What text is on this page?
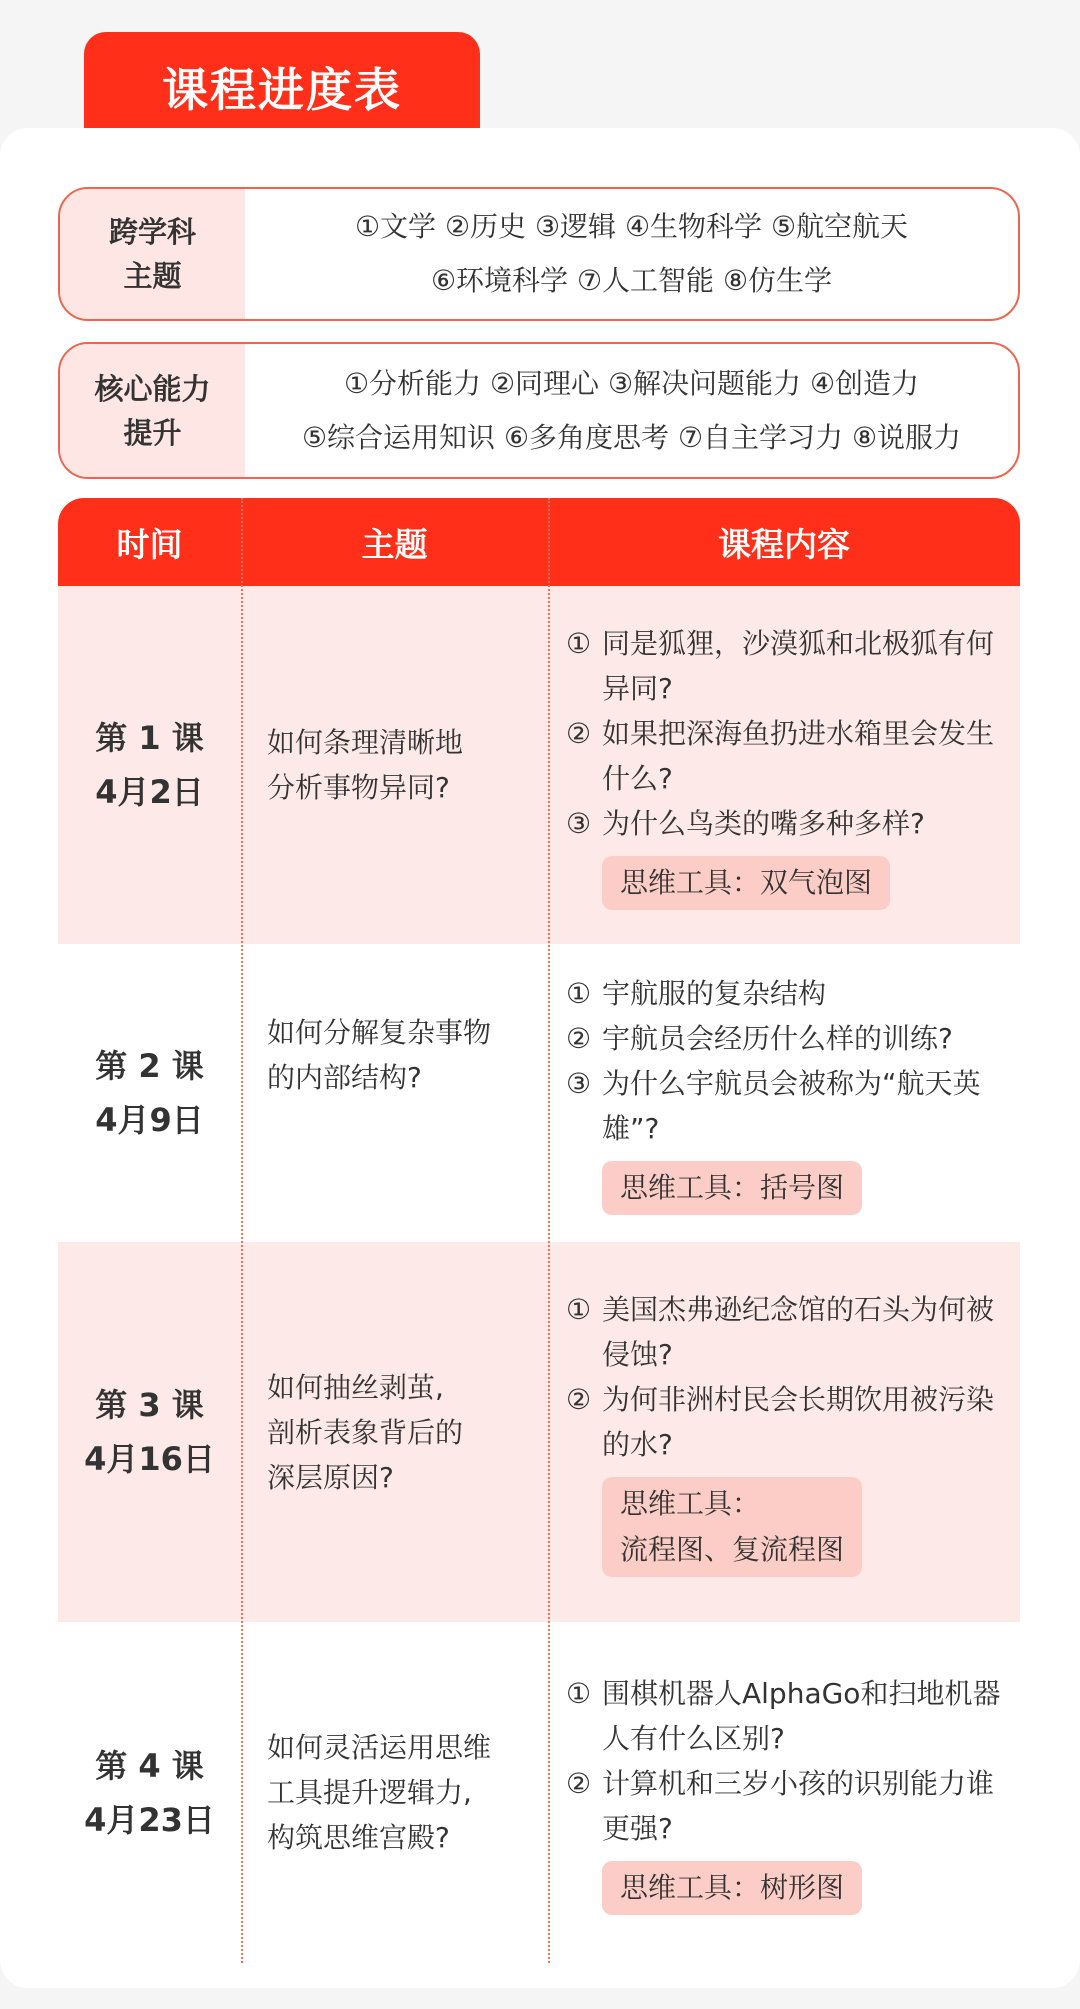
课程进度表
跨学科
主题
①文学 ②历史 ③逻辑 ④生物科学 ⑤航空航天
⑥环境科学 ⑦人工智能 ⑧仿生学
核心能力
提升
①分析能力 ②同理心 ③解决问题能力 ④创造力
⑤综合运用知识 ⑥多角度思考 ⑦自主学习力 ⑧说服力
时间	主题	课程内容
第 1 课
4月2日
如何条理清晰地
分析事物异同?
① 同是狐狸，沙漠狐和北极狐有何异同?
② 如果把深海鱼扔进水箱里会发生什么?
③ 为什么鸟类的嘴多种多样?
思维工具：双气泡图
第 2 课
4月9日
如何分解复杂事物
的内部结构?
① 宇航服的复杂结构
② 宇航员会经历什么样的训练?
③ 为什么宇航员会被称为“航天英雄”?
思维工具：括号图
第 3 课
4月16日
如何抽丝剥茧,
剖析表象背后的
深层原因?
① 美国杰弗逊纪念馆的石头为何被侵蚀?
② 为何非洲村民会长期饮用被污染的水?
思维工具：
流程图、复流程图
第 4 课
4月23日
如何灵活运用思维
工具提升逻辑力,
构筑思维宫殿?
① 围棋机器人AlphaGo和扫地机器人有什么区别?
② 计算机和三岁小孩的识别能力谁更强?
思维工具：树形图
